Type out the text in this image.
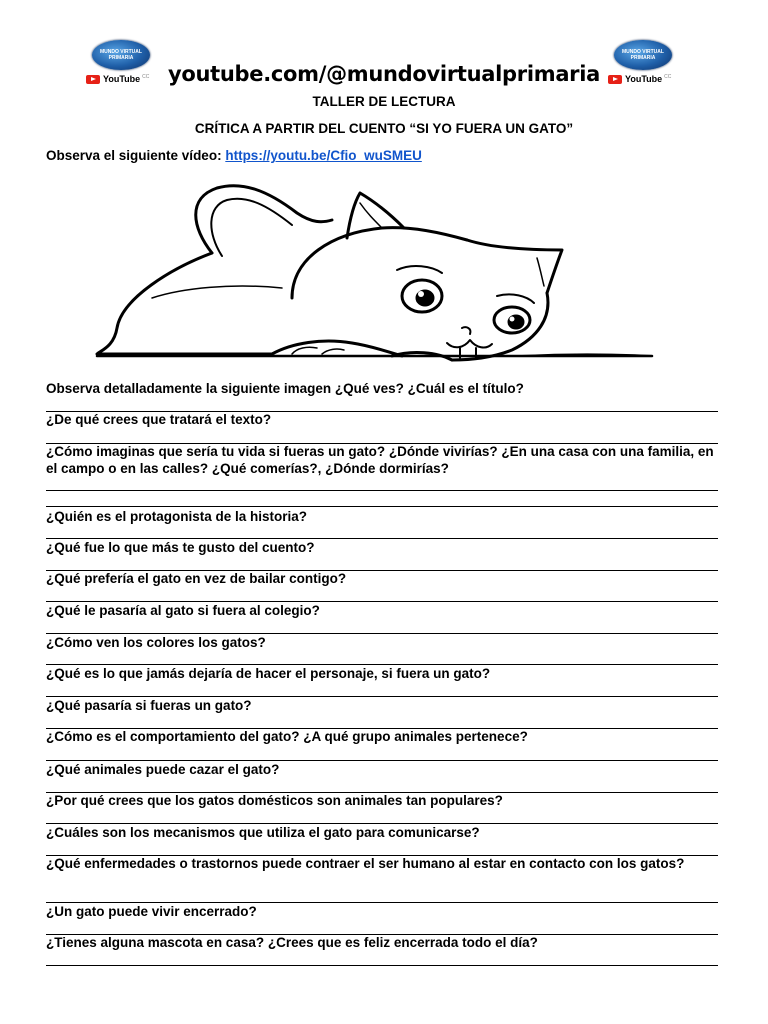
MUNDO VIRTUAL PRIMARIA
YouTube CC
MUNDO VIRTUAL PRIMARIA
YouTube CC
youtube.com/@mundovirtualprimaria
TALLER DE LECTURA
CRÍTICA A PARTIR DEL CUENTO “SI YO FUERA UN GATO”
Observa el siguiente vídeo: https://youtu.be/Cfio_wuSMEU
Observa detalladamente la siguiente imagen ¿Qué ves? ¿Cuál es el título?
¿De qué crees que tratará el texto?
¿Cómo imaginas que sería tu vida si fueras un gato? ¿Dónde vivirías? ¿En una casa con una familia, en el campo o en las calles? ¿Qué comerías?, ¿Dónde dormirías?
¿Quién es el protagonista de la historia?
¿Qué fue lo que más te gusto del cuento?
¿Qué prefería el gato en vez de bailar contigo?
¿Qué le pasaría al gato si fuera al colegio?
¿Cómo ven los colores los gatos?
¿Qué es lo que jamás dejaría de hacer el personaje, si fuera un gato?
¿Qué pasaría si fueras un gato?
¿Cómo es el comportamiento del gato? ¿A qué grupo animales pertenece?
¿Qué animales puede cazar el gato?
¿Por qué crees que los gatos domésticos son animales tan populares?
¿Cuáles son los mecanismos que utiliza el gato para comunicarse?
¿Qué enfermedades o trastornos puede contraer el ser humano al estar en contacto con los gatos?
¿Un gato puede vivir encerrado?
¿Tienes alguna mascota en casa? ¿Crees que es feliz encerrada todo el día?
